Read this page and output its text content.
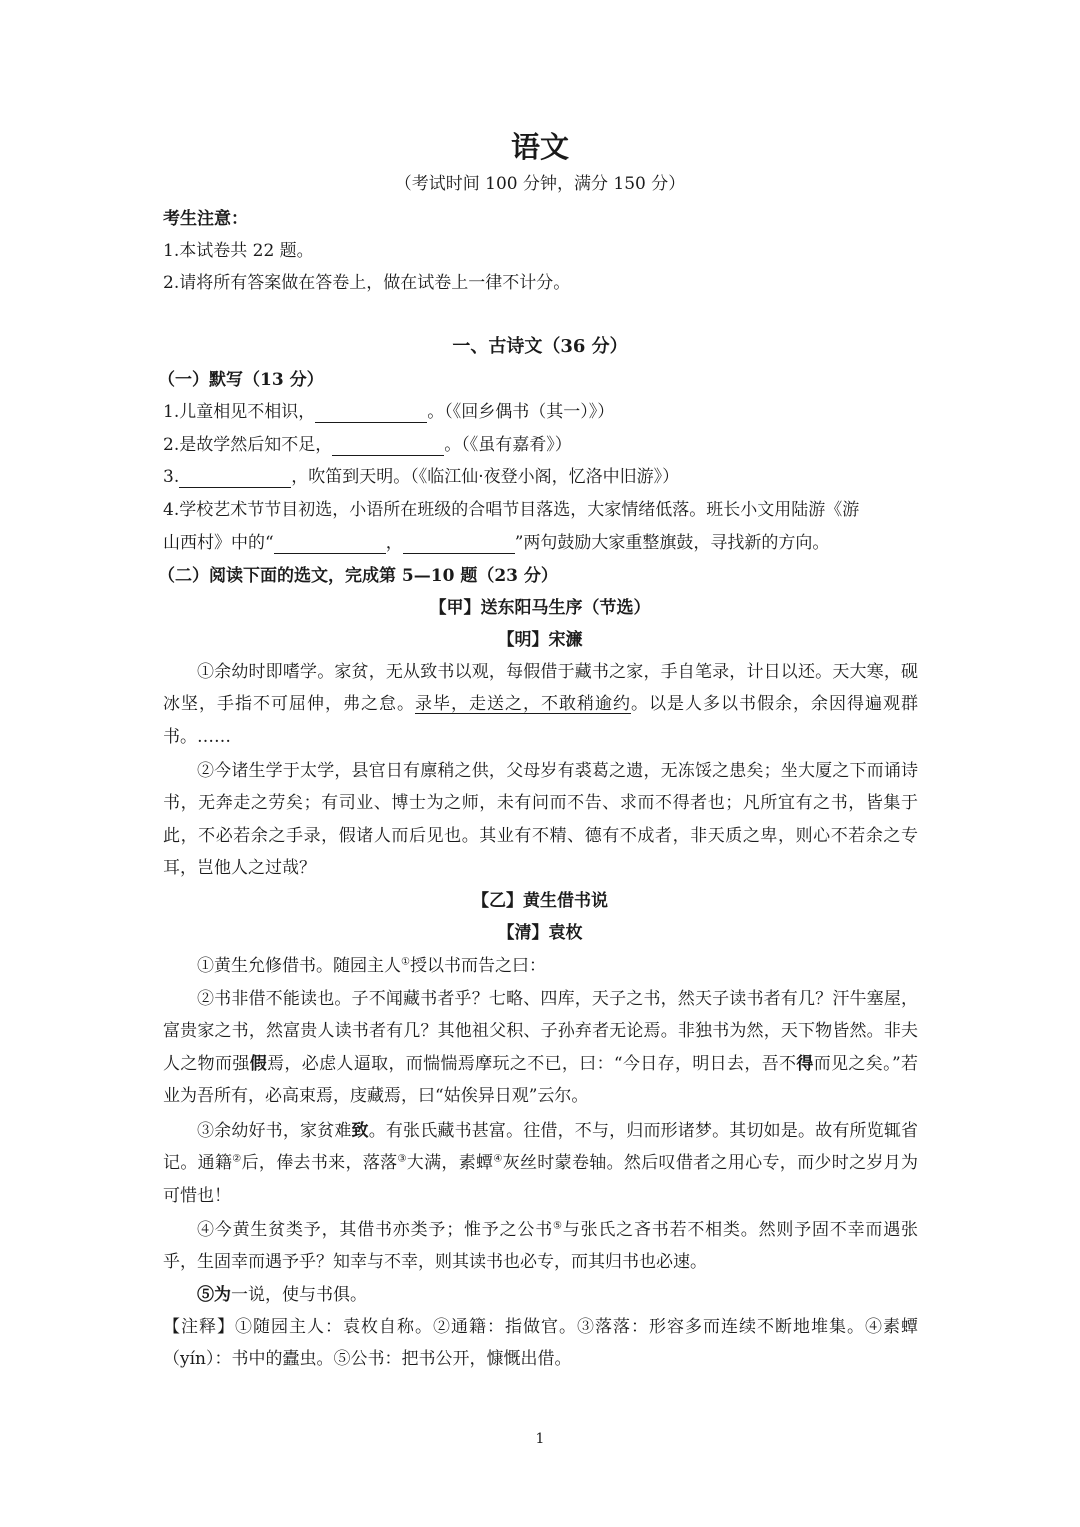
语文
（考试时间 100 分钟，满分 150 分）
考生注意：
1.本试卷共 22 题。
2.请将所有答案做在答卷上，做在试卷上一律不计分。
一、古诗文（36 分）
（一）默写（13 分）
1.儿童相见不相识，	。（《回乡偶书（其一）》）
2.是故学然后知不足，	。（《虽有嘉肴》）
3.	，吹笛到天明。（《临江仙·夜登小阁，忆洛中旧游》）
4.学校艺术节节目初选，小语所在班级的合唱节目落选，大家情绪低落。班长小文用陆游《游
山西村》中的“	，	”两句鼓励大家重整旗鼓，寻找新的方向。
（二）阅读下面的选文，完成第 5—10 题（23 分）
【甲】送东阳马生序（节选）
【明】宋濂
①余幼时即嗜学。家贫，无从致书以观，每假借于藏书之家，手自笔录，计日以还。天大寒，砚冰坚，手指不可屈伸，弗之怠。录毕，走送之，不敢稍逾约。以是人多以书假余，余因得遍观群书。……
②今诸生学于太学，县官日有廪稍之供，父母岁有裘葛之遗，无冻馁之患矣；坐大厦之下而诵诗书，无奔走之劳矣；有司业、博士为之师，未有问而不告、求而不得者也；凡所宜有之书，皆集于此，不必若余之手录，假诸人而后见也。其业有不精、德有不成者，非天质之卑，则心不若余之专耳，岂他人之过哉？
【乙】黄生借书说
【清】袁枚
①黄生允修借书。随园主人①授以书而告之曰：
②书非借不能读也。子不闻藏书者乎？七略、四库，天子之书，然天子读书者有几？汗牛塞屋，富贵家之书，然富贵人读书者有几？其他祖父积、子孙弃者无论焉。非独书为然，天下物皆然。非夫人之物而强假焉，必虑人逼取，而惴惴焉摩玩之不已，曰：“今日存，明日去，吾不得而见之矣。”若业为吾所有，必高束焉，庋藏焉，曰“姑俟异日观”云尔。
③余幼好书，家贫难致。有张氏藏书甚富。往借，不与，归而形诸梦。其切如是。故有所览辄省记。通籍②后，俸去书来，落落③大满，素蟫④灰丝时蒙卷轴。然后叹借者之用心专，而少时之岁月为可惜也！
④今黄生贫类予，其借书亦类予；惟予之公书⑤与张氏之吝书若不相类。然则予固不幸而遇张乎，生固幸而遇予乎？知幸与不幸，则其读书也必专，而其归书也必速。
⑤为一说，使与书俱。
【注释】①随园主人：袁枚自称。②通籍：指做官。③落落：形容多而连续不断地堆集。④素蟫（yín）：书中的蠹虫。⑤公书：把书公开，慷慨出借。
1
